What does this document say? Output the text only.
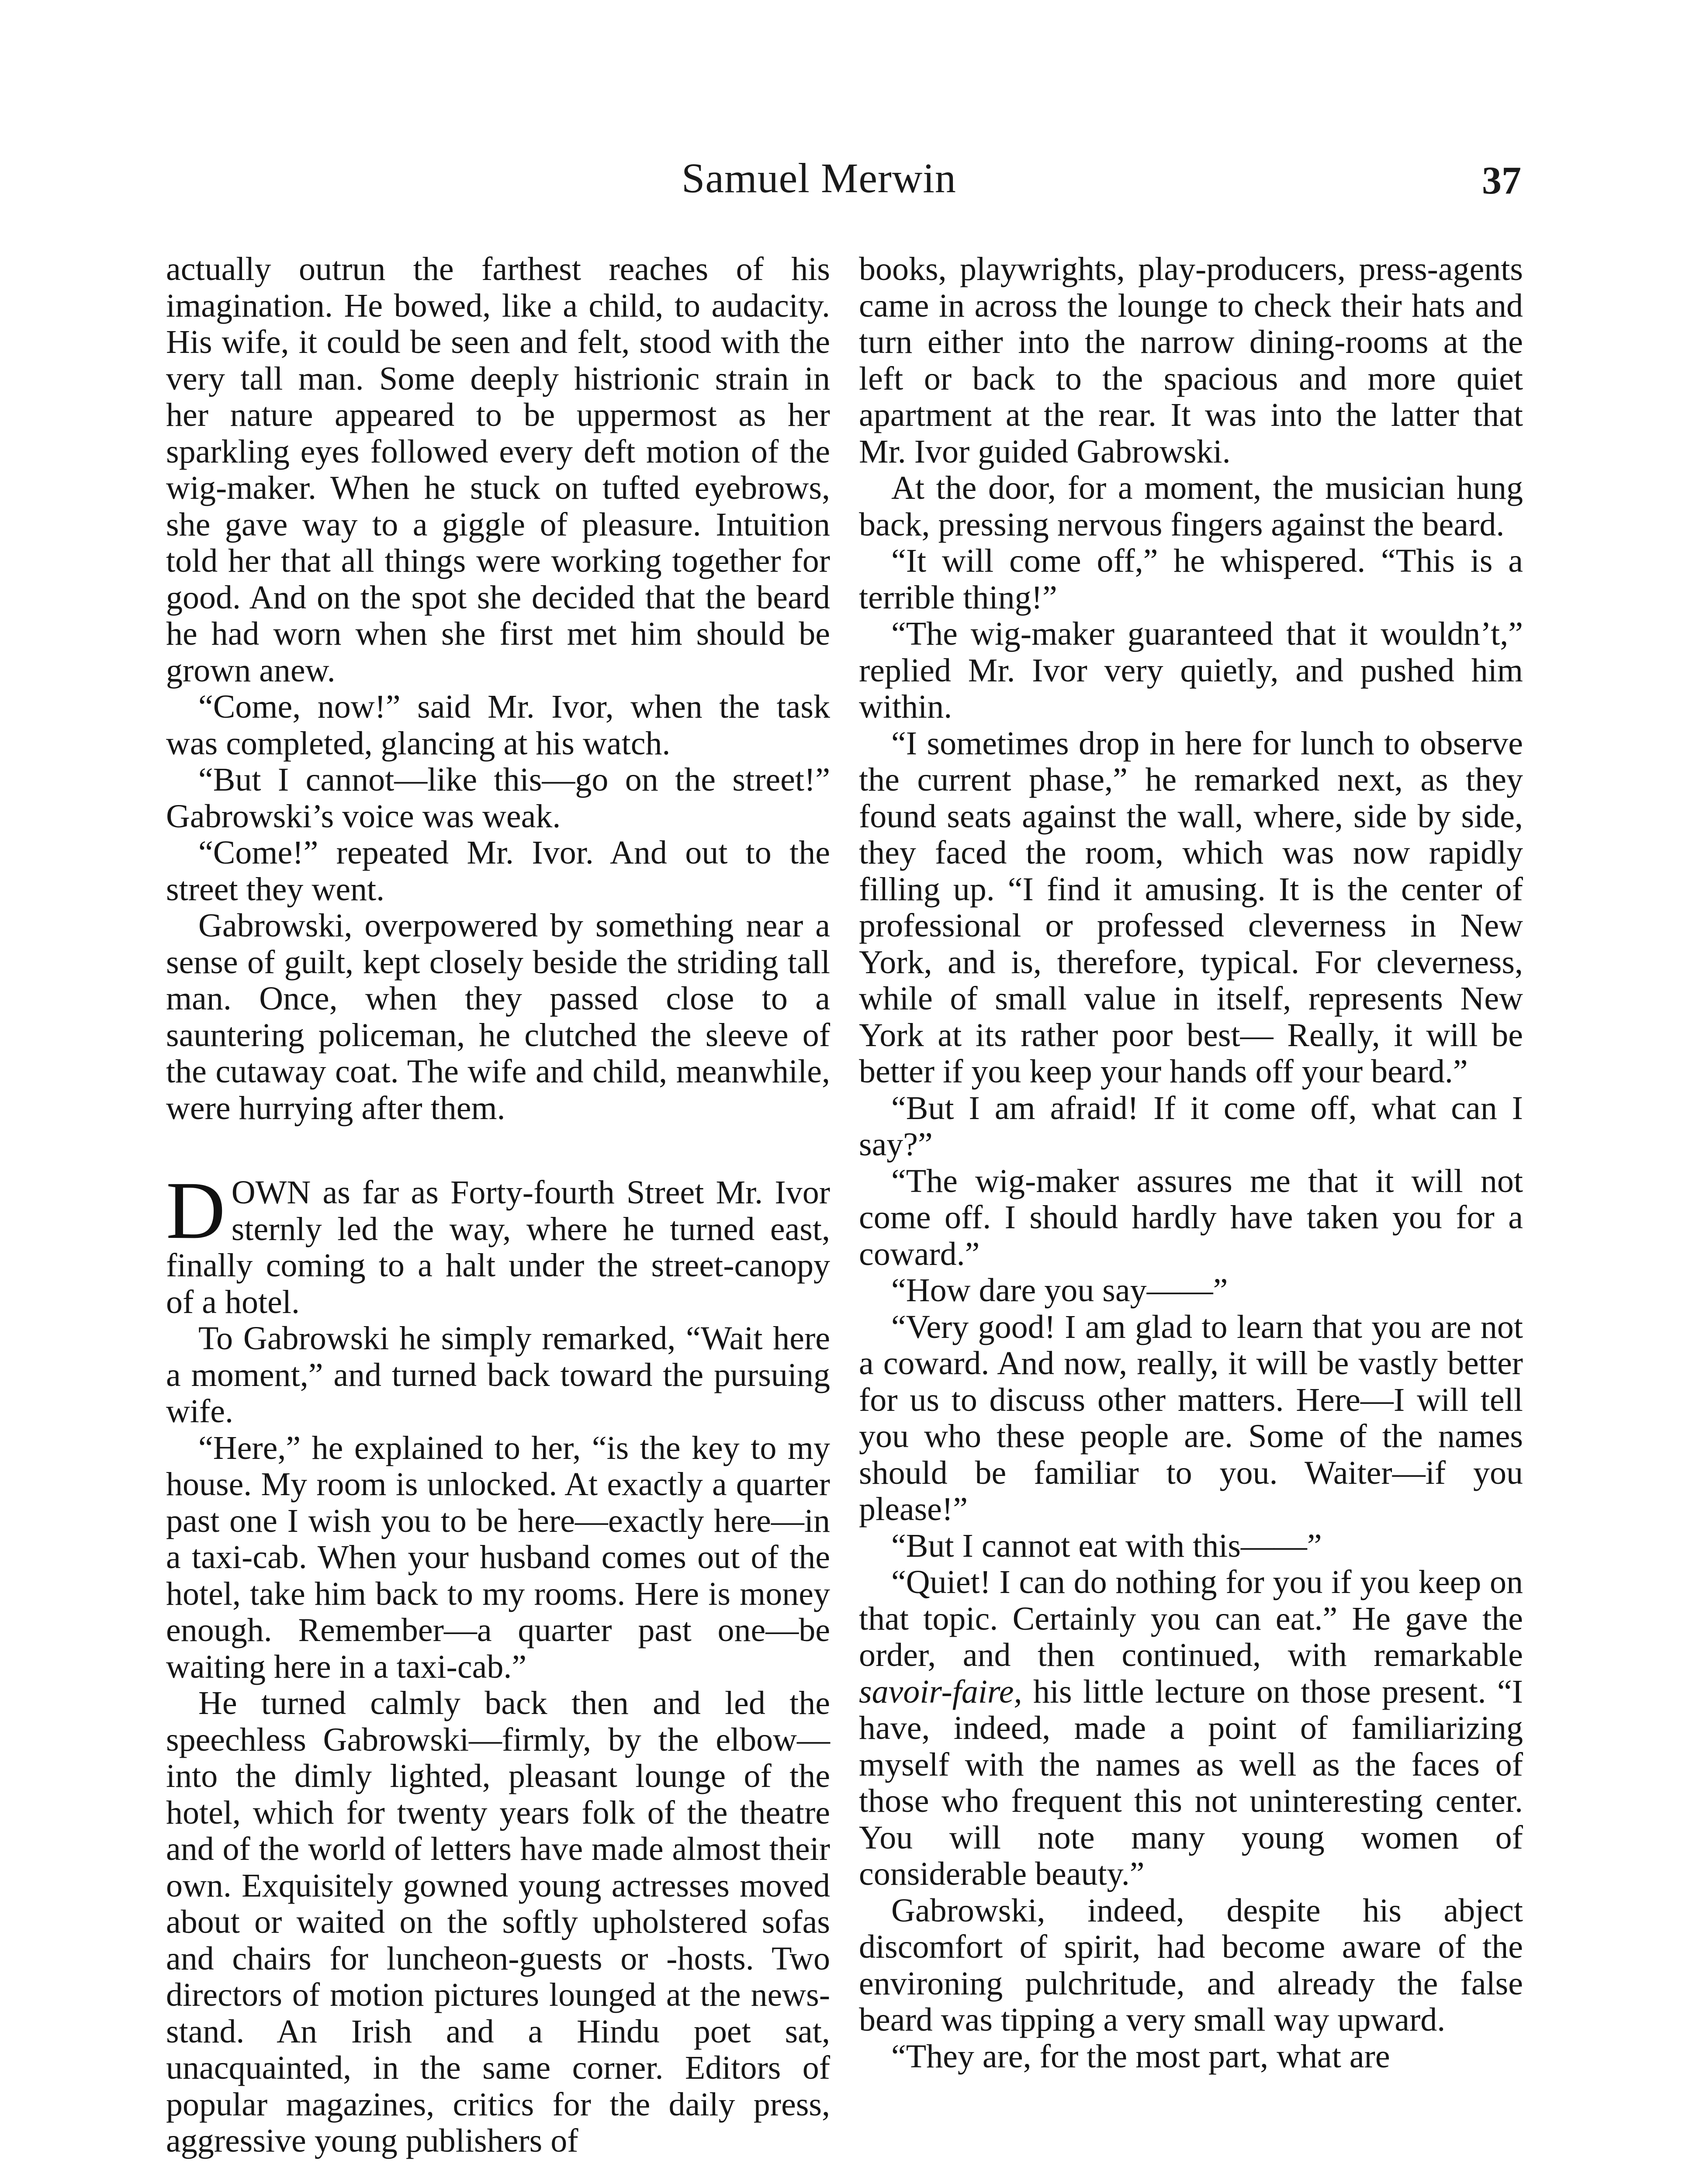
Samuel Merwin	37

actually outrun the farthest reaches of his imagination. He bowed, like a child, to audacity. His wife, it could be seen and felt, stood with the very tall man. Some deeply histrionic strain in her nature appeared to be uppermost as her sparkling eyes followed every deft motion of the wig-maker. When he stuck on tufted eyebrows, she gave way to a giggle of pleasure. Intuition told her that all things were working together for good. And on the spot she decided that the beard he had worn when she first met him should be grown anew.

“Come, now!” said Mr. Ivor, when the task was completed, glancing at his watch.

“But I cannot—like this—go on the street!” Gabrowski’s voice was weak.

“Come!” repeated Mr. Ivor. And out to the street they went.

Gabrowski, overpowered by something near a sense of guilt, kept closely beside the striding tall man. Once, when they passed close to a sauntering policeman, he clutched the sleeve of the cutaway coat. The wife and child, meanwhile, were hurrying after them.

DOWN as far as Forty-fourth Street Mr. Ivor sternly led the way, where he turned east, finally coming to a halt under the street-canopy of a hotel.

To Gabrowski he simply remarked, “Wait here a moment,” and turned back toward the pursuing wife.

“Here,” he explained to her, “is the key to my house. My room is unlocked. At exactly a quarter past one I wish you to be here—exactly here—in a taxi-cab. When your husband comes out of the hotel, take him back to my rooms. Here is money enough. Remember—a quarter past one—be waiting here in a taxi-cab.”

He turned calmly back then and led the speechless Gabrowski—firmly, by the elbow—into the dimly lighted, pleasant lounge of the hotel, which for twenty years folk of the theatre and of the world of letters have made almost their own. Exquisitely gowned young actresses moved about or waited on the softly upholstered sofas and chairs for luncheon-guests or -hosts. Two directors of motion pictures lounged at the news-stand. An Irish and a Hindu poet sat, unacquainted, in the same corner. Editors of popular magazines, critics for the daily press, aggressive young publishers of

books, playwrights, play-producers, press-agents came in across the lounge to check their hats and turn either into the narrow dining-rooms at the left or back to the spacious and more quiet apartment at the rear. It was into the latter that Mr. Ivor guided Gabrowski.

At the door, for a moment, the musician hung back, pressing nervous fingers against the beard.

“It will come off,” he whispered. “This is a terrible thing!”

“The wig-maker guaranteed that it wouldn’t,” replied Mr. Ivor very quietly, and pushed him within.

“I sometimes drop in here for lunch to observe the current phase,” he remarked next, as they found seats against the wall, where, side by side, they faced the room, which was now rapidly filling up. “I find it amusing. It is the center of professional or professed cleverness in New York, and is, therefore, typical. For cleverness, while of small value in itself, represents New York at its rather poor best— Really, it will be better if you keep your hands off your beard.”

“But I am afraid! If it come off, what can I say?”

“The wig-maker assures me that it will not come off. I should hardly have taken you for a coward.”

“How dare you say——”

“Very good! I am glad to learn that you are not a coward. And now, really, it will be vastly better for us to discuss other matters. Here—I will tell you who these people are. Some of the names should be familiar to you. Waiter—if you please!”

“But I cannot eat with this——”

“Quiet! I can do nothing for you if you keep on that topic. Certainly you can eat.” He gave the order, and then continued, with remarkable savoir-faire, his little lecture on those present. “I have, indeed, made a point of familiarizing myself with the names as well as the faces of those who frequent this not uninteresting center. You will note many young women of considerable beauty.”

Gabrowski, indeed, despite his abject discomfort of spirit, had become aware of the environing pulchritude, and already the false beard was tipping a very small way upward.

“They are, for the most part, what are
